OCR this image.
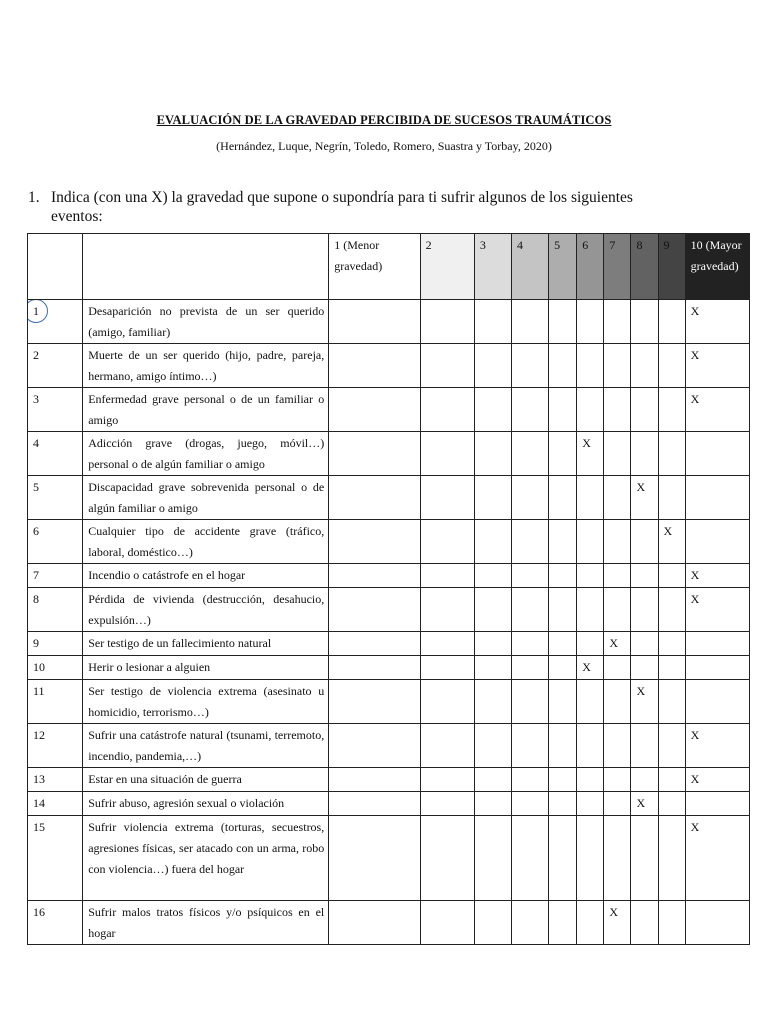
EVALUACIÓN DE LA GRAVEDAD PERCIBIDA DE SUCESOS TRAUMÁTICOS
(Hernández, Luque, Negrín, Toledo, Romero, Suastra y Torbay, 2020)
1. Indica (con una X) la gravedad que supone o supondría para ti sufrir algunos de los siguientes eventos:
		1 (Menor gravedad)	2	3	4	5	6	7	8	9	10 (Mayor gravedad)
1	Desaparición no prevista de un ser querido (amigo, familiar)										X
2	Muerte de un ser querido (hijo, padre, pareja, hermano, amigo íntimo…)										X
3	Enfermedad grave personal o de un familiar o amigo										X
4	Adicción grave (drogas, juego, móvil…) personal o de algún familiar o amigo						X				
5	Discapacidad grave sobrevenida personal o de algún familiar o amigo								X		
6	Cualquier tipo de accidente grave (tráfico, laboral, doméstico…)									X	
7	Incendio o catástrofe en el hogar										X
8	Pérdida de vivienda (destrucción, desahucio, expulsión…)										X
9	Ser testigo de un fallecimiento natural							X			
10	Herir o lesionar a alguien						X				
11	Ser testigo de violencia extrema (asesinato u homicidio, terrorismo…)								X		
12	Sufrir una catástrofe natural (tsunami, terremoto, incendio, pandemia,…)										X
13	Estar en una situación de guerra										X
14	Sufrir abuso, agresión sexual o violación								X		
15	Sufrir violencia extrema (torturas, secuestros, agresiones físicas, ser atacado con un arma, robo con violencia…) fuera del hogar										X
16	Sufrir malos tratos físicos y/o psíquicos en el hogar							X			
